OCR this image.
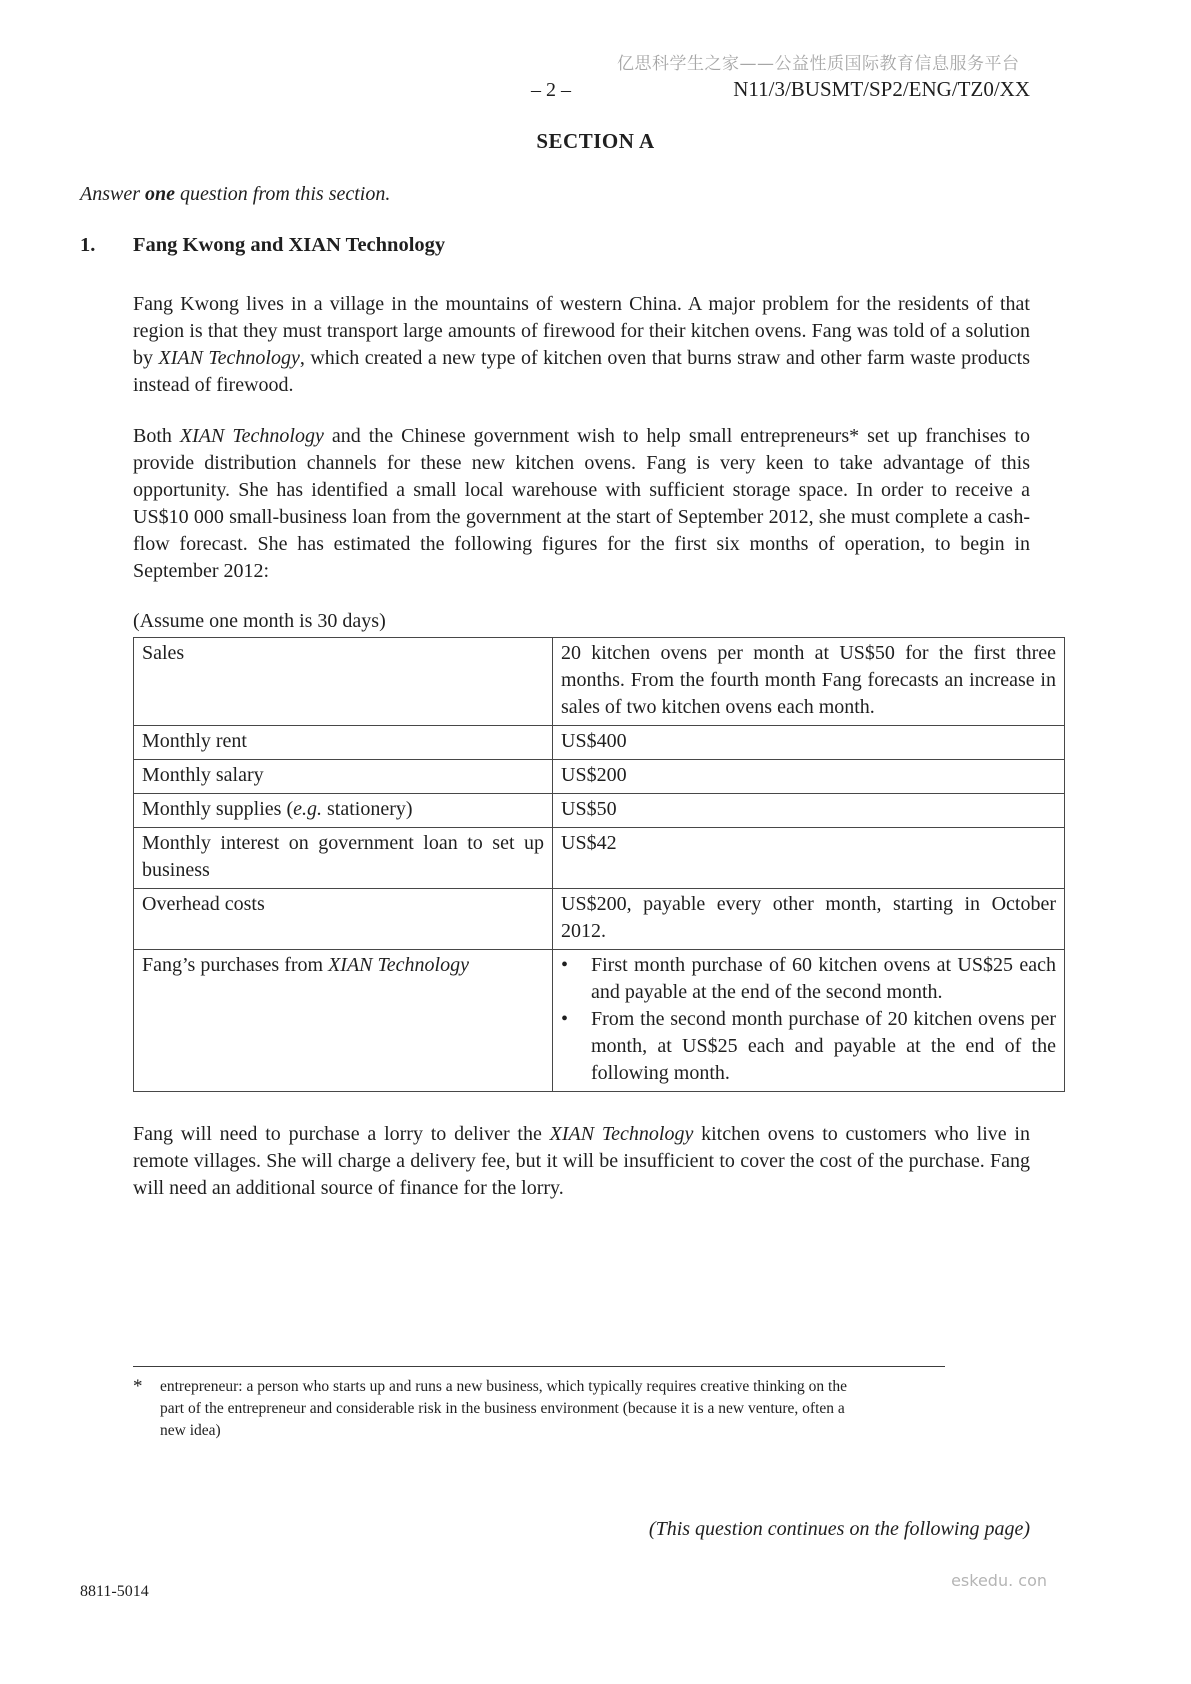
亿思科学生之家——公益性质国际教育信息服务平台
– 2 –	N11/3/BUSMT/SP2/ENG/TZ0/XX
SECTION A
Answer one question from this section.
1. Fang Kwong and XIAN Technology

Fang Kwong lives in a village in the mountains of western China. A major problem for the residents of that region is that they must transport large amounts of firewood for their kitchen ovens. Fang was told of a solution by XIAN Technology, which created a new type of kitchen oven that burns straw and other farm waste products instead of firewood.

Both XIAN Technology and the Chinese government wish to help small entrepreneurs* set up franchises to provide distribution channels for these new kitchen ovens. Fang is very keen to take advantage of this opportunity. She has identified a small local warehouse with sufficient storage space. In order to receive a US$10 000 small-business loan from the government at the start of September 2012, she must complete a cash-flow forecast. She has estimated the following figures for the first six months of operation, to begin in September 2012:

(Assume one month is 30 days)
Sales	20 kitchen ovens per month at US$50 for the first three months. From the fourth month Fang forecasts an increase in sales of two kitchen ovens each month.
Monthly rent	US$400
Monthly salary	US$200
Monthly supplies (e.g. stationery)	US$50
Monthly interest on government loan to set up business	US$42
Overhead costs	US$200, payable every other month, starting in October 2012.
Fang’s purchases from XIAN Technology	• First month purchase of 60 kitchen ovens at US$25 each and payable at the end of the second month.
• From the second month purchase of 20 kitchen ovens per month, at US$25 each and payable at the end of the following month.

Fang will need to purchase a lorry to deliver the XIAN Technology kitchen ovens to customers who live in remote villages. She will charge a delivery fee, but it will be insufficient to cover the cost of the purchase. Fang will need an additional source of finance for the lorry.

*	entrepreneur: a person who starts up and runs a new business, which typically requires creative thinking on the part of the entrepreneur and considerable risk in the business environment (because it is a new venture, often a new idea)
(This question continues on the following page)
8811-5014
eskedu. con
